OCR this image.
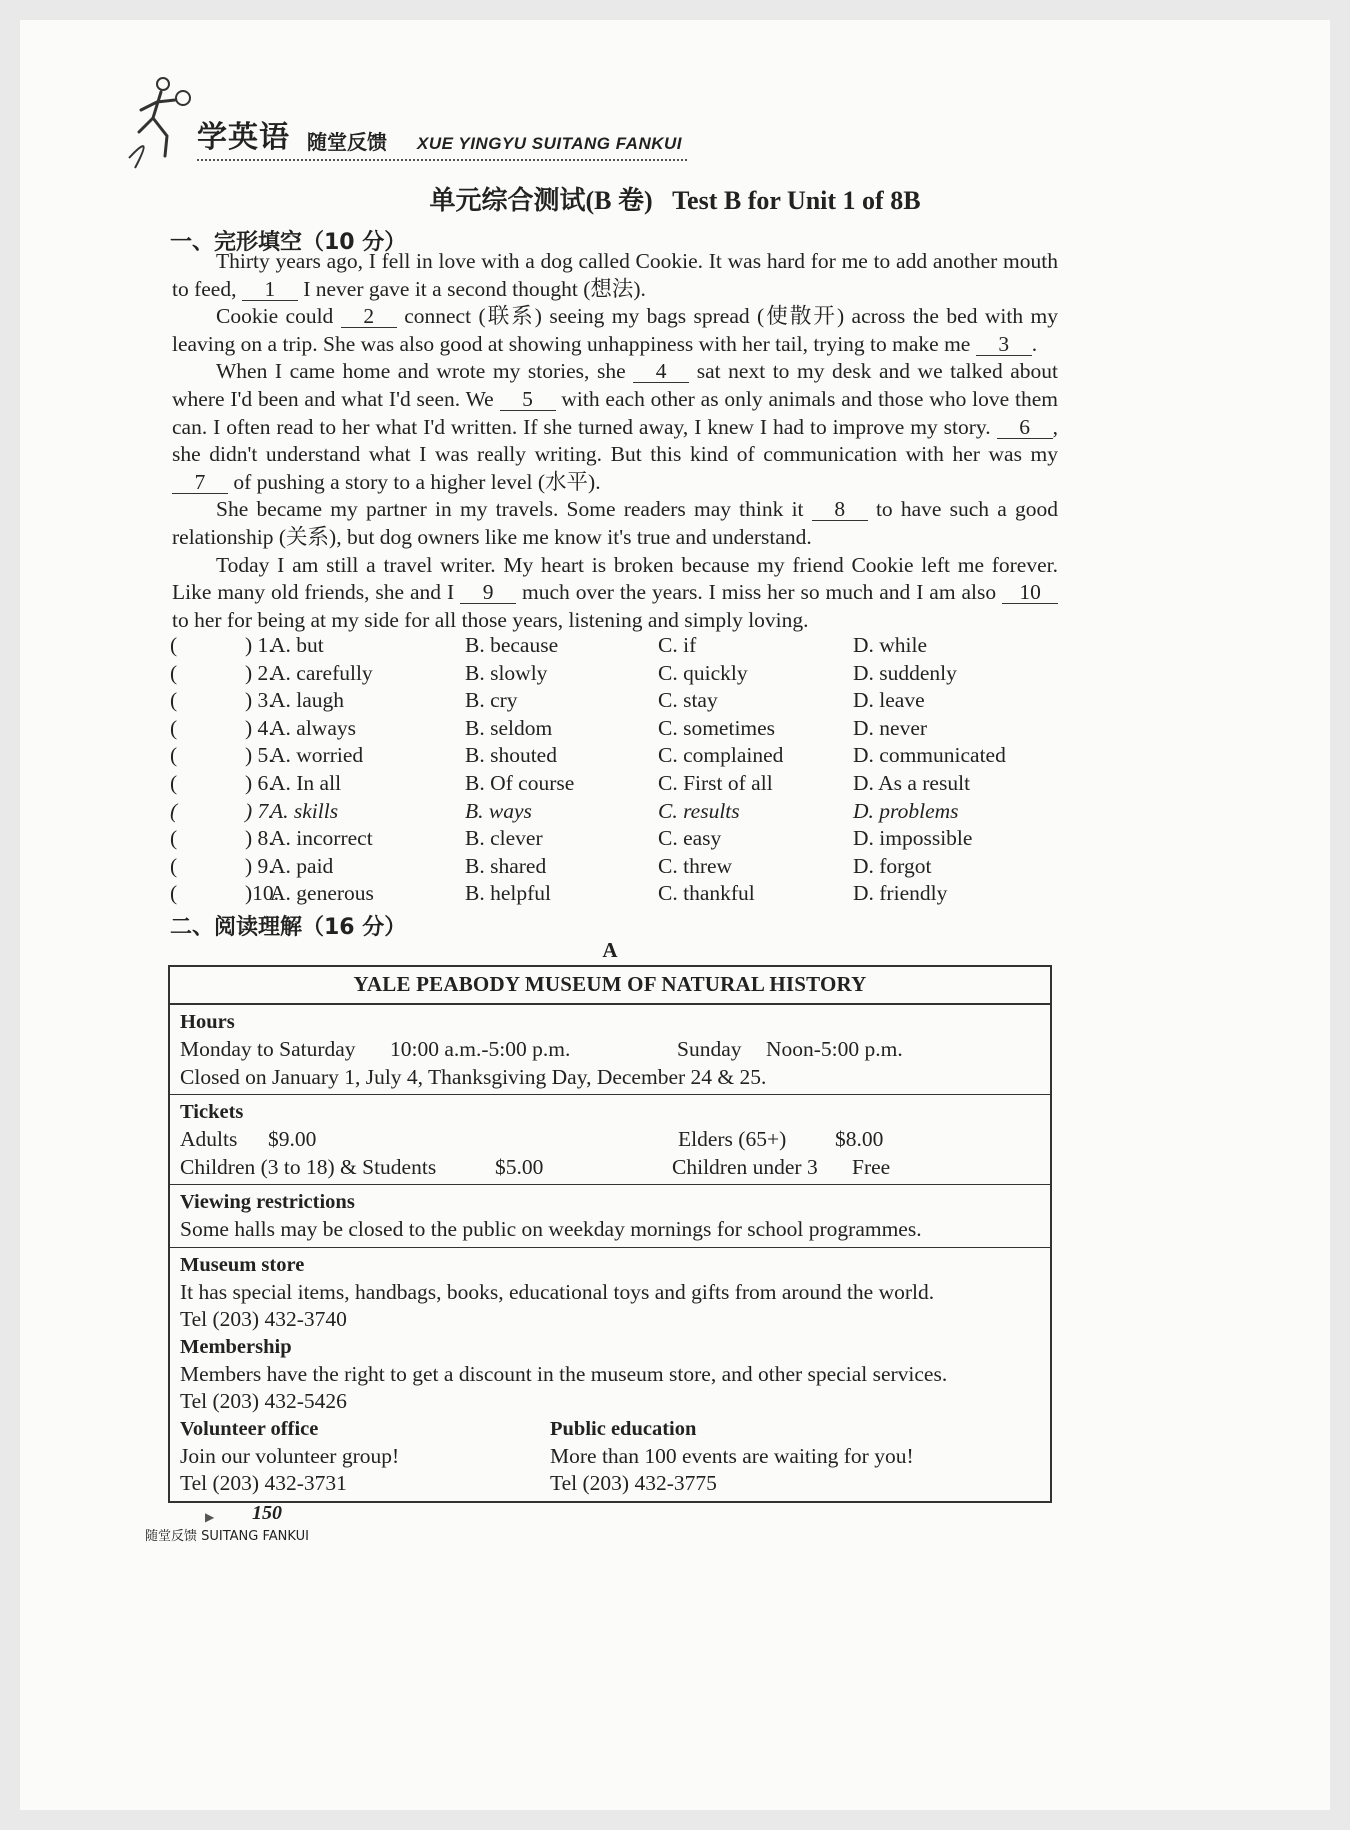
学英语 随堂反馈 XUE YINGYU SUITANG FANKUI
单元综合测试(B 卷)   Test B for Unit 1 of 8B
一、完形填空（10 分）

Thirty years ago, I fell in love with a dog called Cookie. It was hard for me to add another mouth to feed, 1 I never gave it a second thought (想法).

Cookie could 2 connect (联系) seeing my bags spread (使散开) across the bed with my leaving on a trip. She was also good at showing unhappiness with her tail, trying to make me 3 .

When I came home and wrote my stories, she 4 sat next to my desk and we talked about where I'd been and what I'd seen. We 5 with each other as only animals and those who love them can. I often read to her what I'd written. If she turned away, I knew I had to improve my story. 6 , she didn't understand what I was really writing. But this kind of communication with her was my 7 of pushing a story to a higher level (水平).

She became my partner in my travels. Some readers may think it 8 to have such a good relationship (关系), but dog owners like me know it's true and understand.

Today I am still a travel writer. My heart is broken because my friend Cookie left me forever. Like many old friends, she and I 9 much over the years. I miss her so much and I am also 10 to her for being at my side for all those years, listening and simply loving.

(	) 1.
A. but	B. because	C. if	D. while
(	) 2.
A. carefully	B. slowly	C. quickly	D. suddenly
(	) 3.
A. laugh	B. cry	C. stay	D. leave
(	) 4.
A. always	B. seldom	C. sometimes	D. never
(	) 5.
A. worried	B. shouted	C. complained	D. communicated
(	) 6.
A. In all	B. Of course	C. First of all	D. As a result
(	) 7.
A. skills	B. ways	C. results	D. problems
(	) 8.
A. incorrect	B. clever	C. easy	D. impossible
(	) 9.
A. paid	B. shared	C. threw	D. forgot
(	)10.
A. generous	B. helpful	C. thankful	D. friendly
二、阅读理解（16 分）
A
YALE PEABODY MUSEUM OF NATURAL HISTORY
Hours
Monday to Saturday 10:00 a.m.-5:00 p.m.	Sunday Noon-5:00 p.m.
Closed on January 1, July 4, Thanksgiving Day, December 24 & 25.
Tickets
Adults $9.00	Elders (65+) $8.00
Children (3 to 18) & Students	$5.00	Children under 3 Free
Viewing restrictions
Some halls may be closed to the public on weekday mornings for school programmes.
Museum store
It has special items, handbags, books, educational toys and gifts from around the world.
Tel (203) 432-3740
Membership
Members have the right to get a discount in the museum store, and other special services.
Tel (203) 432-5426
Volunteer office
Join our volunteer group!
Tel (203) 432-3731
Public education
More than 100 events are waiting for you!
Tel (203) 432-3775
▶ 150
随堂反馈 SUITANG FANKUI
